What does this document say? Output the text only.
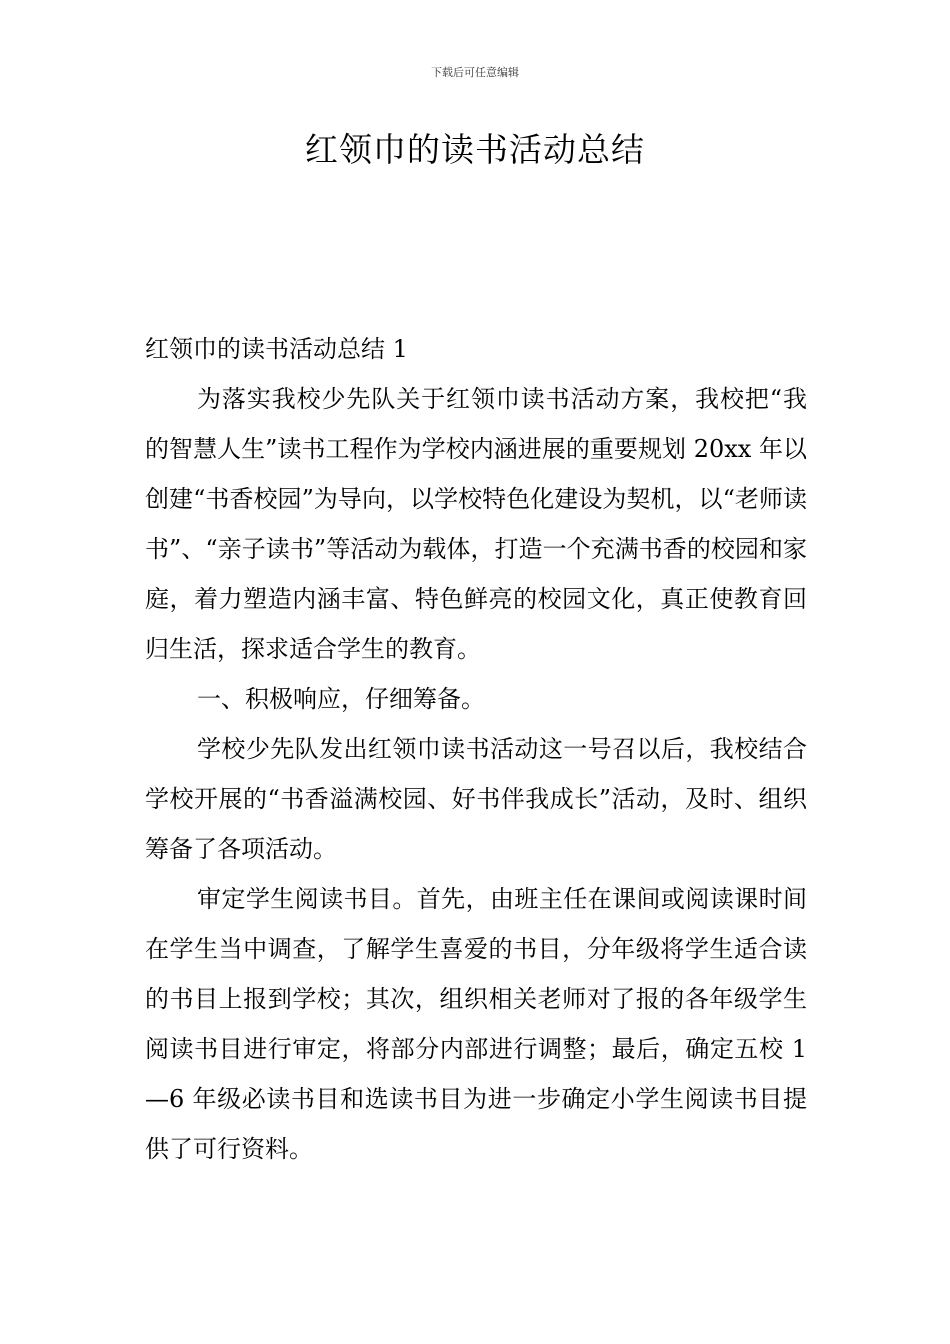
下载后可任意编辑
红领巾的读书活动总结

红领巾的读书活动总结 1

为落实我校少先队关于红领巾读书活动方案，我校把“我的智慧人生”读书工程作为学校内涵进展的重要规划 20xx 年以创建“书香校园”为导向，以学校特色化建设为契机，以“老师读书”、“亲子读书”等活动为载体，打造一个充满书香的校园和家庭，着力塑造内涵丰富、特色鲜亮的校园文化，真正使教育回归生活，探求适合学生的教育。

一、积极响应，仔细筹备。

学校少先队发出红领巾读书活动这一号召以后，我校结合学校开展的“书香溢满校园、好书伴我成长”活动，及时、组织筹备了各项活动。

审定学生阅读书目。首先，由班主任在课间或阅读课时间在学生当中调查，了解学生喜爱的书目，分年级将学生适合读的书目上报到学校；其次，组织相关老师对了报的各年级学生阅读书目进行审定，将部分内部进行调整；最后，确定五校 1—6 年级必读书目和选读书目为进一步确定小学生阅读书目提供了可行资料。
